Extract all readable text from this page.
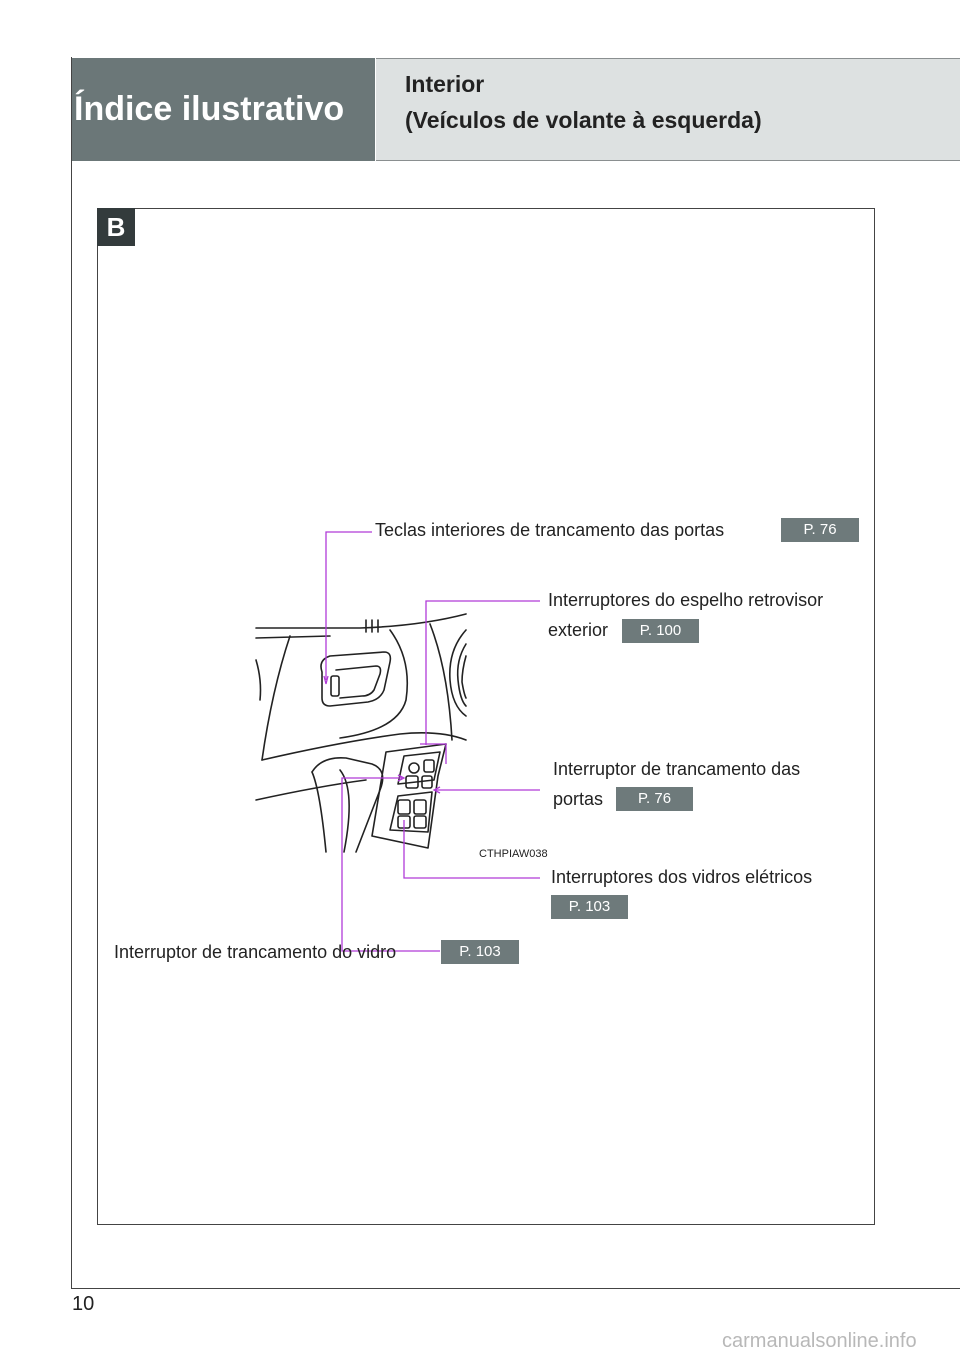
Índice ilustrativo
Interior
(Veículos de volante à esquerda)
B
Teclas interiores de trancamento das portas	P. 76
Interruptores do espelho retrovisor
exterior	P. 100
Interruptor de trancamento das
portas	P. 76
CTHPIAW038
Interruptores dos vidros elétricos
P. 103
Interruptor de trancamento do vidro	P. 103
10
carmanualsonline.info
